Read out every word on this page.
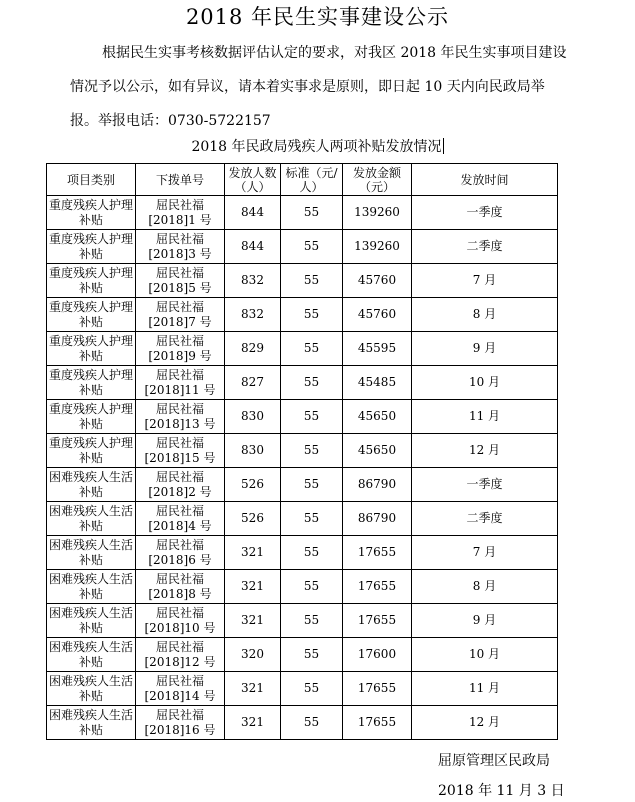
2018 年民生实事建设公示
根据民生实事考核数据评估认定的要求，对我区 2018 年民生实事项目建设情况予以公示，如有异议，请本着实事求是原则，即日起 10 天内向民政局举报。举报电话：0730-5722157
2018 年民政局残疾人两项补贴发放情况
项目类别	下拨单号	发放人数（人）	标准（元/人）	发放金额（元）	发放时间
重度残疾人护理补贴	屈民社福[2018]1 号	844	55	139260	一季度
重度残疾人护理补贴	屈民社福[2018]3 号	844	55	139260	二季度
重度残疾人护理补贴	屈民社福[2018]5 号	832	55	45760	7 月
重度残疾人护理补贴	屈民社福[2018]7 号	832	55	45760	8 月
重度残疾人护理补贴	屈民社福[2018]9 号	829	55	45595	9 月
重度残疾人护理补贴	屈民社福[2018]11 号	827	55	45485	10 月
重度残疾人护理补贴	屈民社福[2018]13 号	830	55	45650	11 月
重度残疾人护理补贴	屈民社福[2018]15 号	830	55	45650	12 月
困难残疾人生活补贴	屈民社福[2018]2 号	526	55	86790	一季度
困难残疾人生活补贴	屈民社福[2018]4 号	526	55	86790	二季度
困难残疾人生活补贴	屈民社福[2018]6 号	321	55	17655	7 月
困难残疾人生活补贴	屈民社福[2018]8 号	321	55	17655	8 月
困难残疾人生活补贴	屈民社福[2018]10 号	321	55	17655	9 月
困难残疾人生活补贴	屈民社福[2018]12 号	320	55	17600	10 月
困难残疾人生活补贴	屈民社福[2018]14 号	321	55	17655	11 月
困难残疾人生活补贴	屈民社福[2018]16 号	321	55	17655	12 月
屈原管理区民政局
2018 年 11 月 3 日
